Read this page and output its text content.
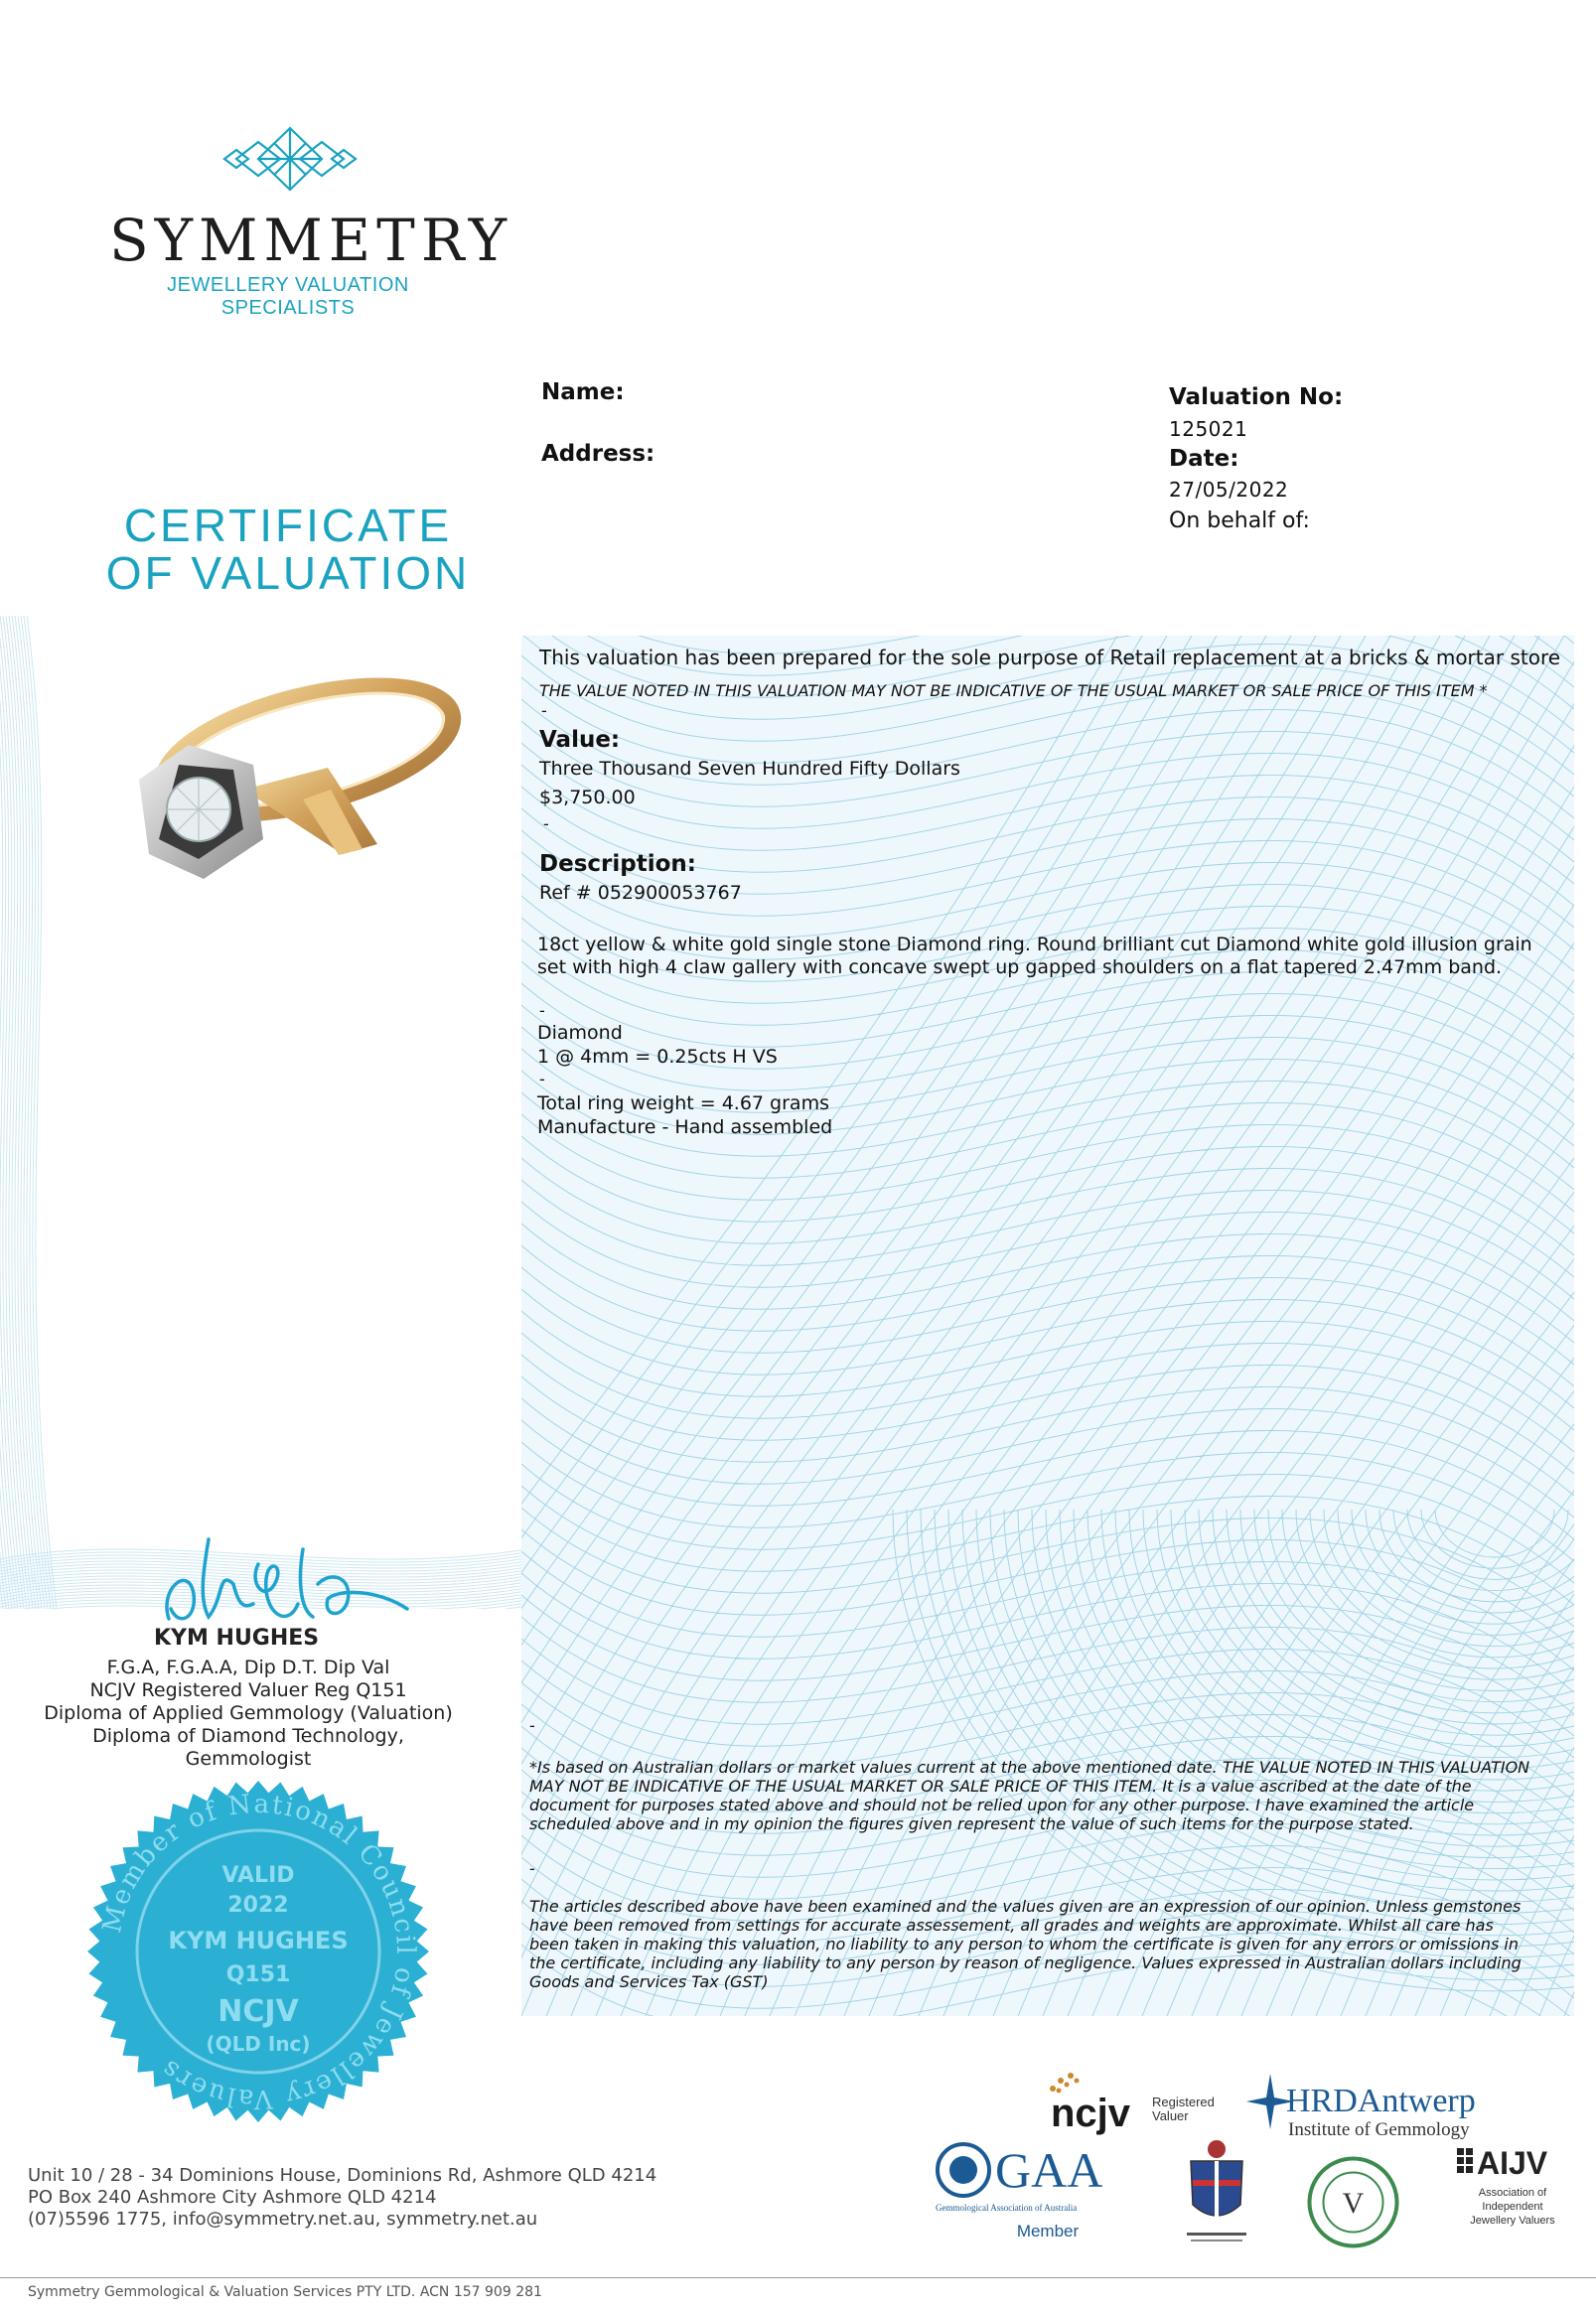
SYMMETRY
JEWELLERY VALUATION SPECIALISTS
CERTIFICATE
OF VALUATION
Name:
Address:
Valuation No:
125021
Date:
27/05/2022
On behalf of:
This valuation has been prepared for the sole purpose of Retail replacement at a bricks & mortar store
THE VALUE NOTED IN THIS VALUATION MAY NOT BE INDICATIVE OF THE USUAL MARKET OR SALE PRICE OF THIS ITEM *
-
Value:
Three Thousand Seven Hundred Fifty Dollars
$3,750.00
-
Description:
Ref # 052900053767
18ct yellow & white gold single stone Diamond ring. Round brilliant cut Diamond white gold illusion grain set with high 4 claw gallery with concave swept up gapped shoulders on a flat tapered 2.47mm band.
-
Diamond
1 @ 4mm = 0.25cts H VS
-
Total ring weight = 4.67 grams
Manufacture - Hand assembled
-
*Is based on Australian dollars or market values current at the above mentioned date. THE VALUE NOTED IN THIS VALUATION MAY NOT BE INDICATIVE OF THE USUAL MARKET OR SALE PRICE OF THIS ITEM. It is a value ascribed at the date of the document for purposes stated above and should not be relied upon for any other purpose. I have examined the article scheduled above and in my opinion the figures given represent the value of such items for the purpose stated.
-
The articles described above have been examined and the values given are an expression of our opinion. Unless gemstones have been removed from settings for accurate assessement, all grades and weights are approximate. Whilst all care has been taken in making this valuation, no liability to any person to whom the certificate is given for any errors or omissions in the certificate, including any liability to any person by reason of negligence. Values expressed in Australian dollars including Goods and Services Tax (GST)
KYM HUGHES
F.G.A, F.G.A.A, Dip D.T. Dip Val
NCJV Registered Valuer Reg Q151
Diploma of Applied Gemmology (Valuation)
Diploma of Diamond Technology,
Gemmologist
Member of National Council of Jewellery Valuers
VALID
2022
KYM HUGHES
Q151
NCJV
(QLD Inc)
Unit 10 / 28 - 34 Dominions House, Dominions Rd, Ashmore QLD 4214
PO Box 240 Ashmore City Ashmore QLD 4214
(07)5596 1775, info@symmetry.net.au, symmetry.net.au
Symmetry Gemmological & Valuation Services PTY LTD. ACN 157 909 281
ncjv Registered
Valuer	HRDAntwerp
Institute of Gemmology
GAA
Gemmological Association of Australia
Member
V
AIJV
Association of
Independent
Jewellery Valuers
